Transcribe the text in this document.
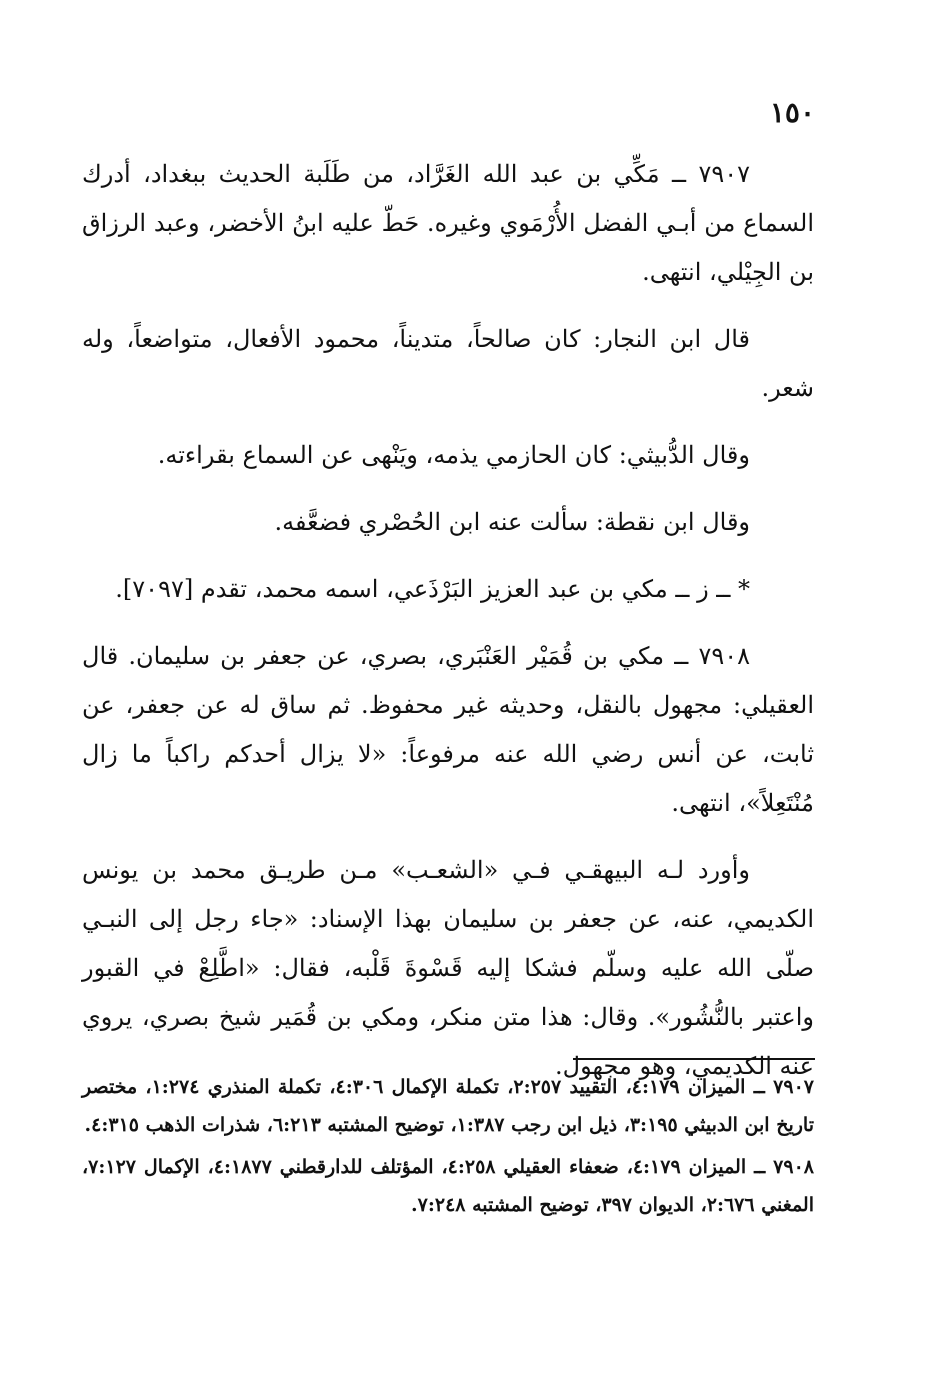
١٥٠

٧٩٠٧ ــ مَكِّي بن عبد الله الغَرَّاد، من طَلَبة الحديث ببغداد، أدرك السماع من أبـي الفضل الأُرْمَوي وغيره. حَطّ عليه ابنُ الأخضر، وعبد الرزاق بن الجِيْلي، انتهى.

قال ابن النجار: كان صالحاً، متديناً، محمود الأفعال، متواضعاً، وله شعر.

وقال الدُّبيثي: كان الحازمي يذمه، ويَنْهى عن السماع بقراءته.

وقال ابن نقطة: سألت عنه ابن الحُصْري فضعَّفه.

* ــ ز ــ مكي بن عبد العزيز البَرْذَعي، اسمه محمد، تقدم [٧٠٩٧].

٧٩٠٨ ــ مكي بن قُمَيْر العَنْبَري، بصري، عن جعفر بن سليمان. قال العقيلي: مجهول بالنقل، وحديثه غير محفوظ. ثم ساق له عن جعفر، عن ثابت، عن أنس رضي الله عنه مرفوعاً: «لا يزال أحدكم راكباً ما زال مُنْتَعِلاً»، انتهى.

وأورد لـه البيهقـي فـي «الشعـب» مـن طريـق محمد بن يونس الكديمي، عنه، عن جعفر بن سليمان بهذا الإسناد: «جاء رجل إلى النبـي صلّى الله عليه وسلّم فشكا إليه قَسْوةَ قَلْبه، فقال: «اطَّلِعْ في القبور واعتبر بالنُّشُور». وقال: هذا متن منكر، ومكي بن قُمَير شيخ بصري، يروي عنه الكديمي، وهو مجهول.

٧٩٠٧ ــ الميزان ٤:١٧٩، التقييد ٢:٢٥٧، تكملة الإكمال ٤:٣٠٦، تكملة المنذري ١:٢٧٤، مختصر تاريخ ابن الدبيثي ٣:١٩٥، ذيل ابن رجب ١:٣٨٧، توضيح المشتبه ٦:٢١٣، شذرات الذهب ٤:٣١٥.

٧٩٠٨ ــ الميزان ٤:١٧٩، ضعفاء العقيلي ٤:٢٥٨، المؤتلف للدارقطني ٤:١٨٧٧، الإكمال ٧:١٢٧، المغني ٢:٦٧٦، الديوان ٣٩٧، توضيح المشتبه ٧:٢٤٨.
